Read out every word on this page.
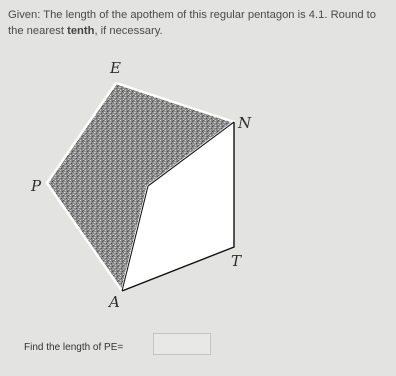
Given: The length of the apothem of this regular pentagon is 4.1. Round to the nearest tenth, if necessary.
E
N
T
A
P
Find the length of PE=
